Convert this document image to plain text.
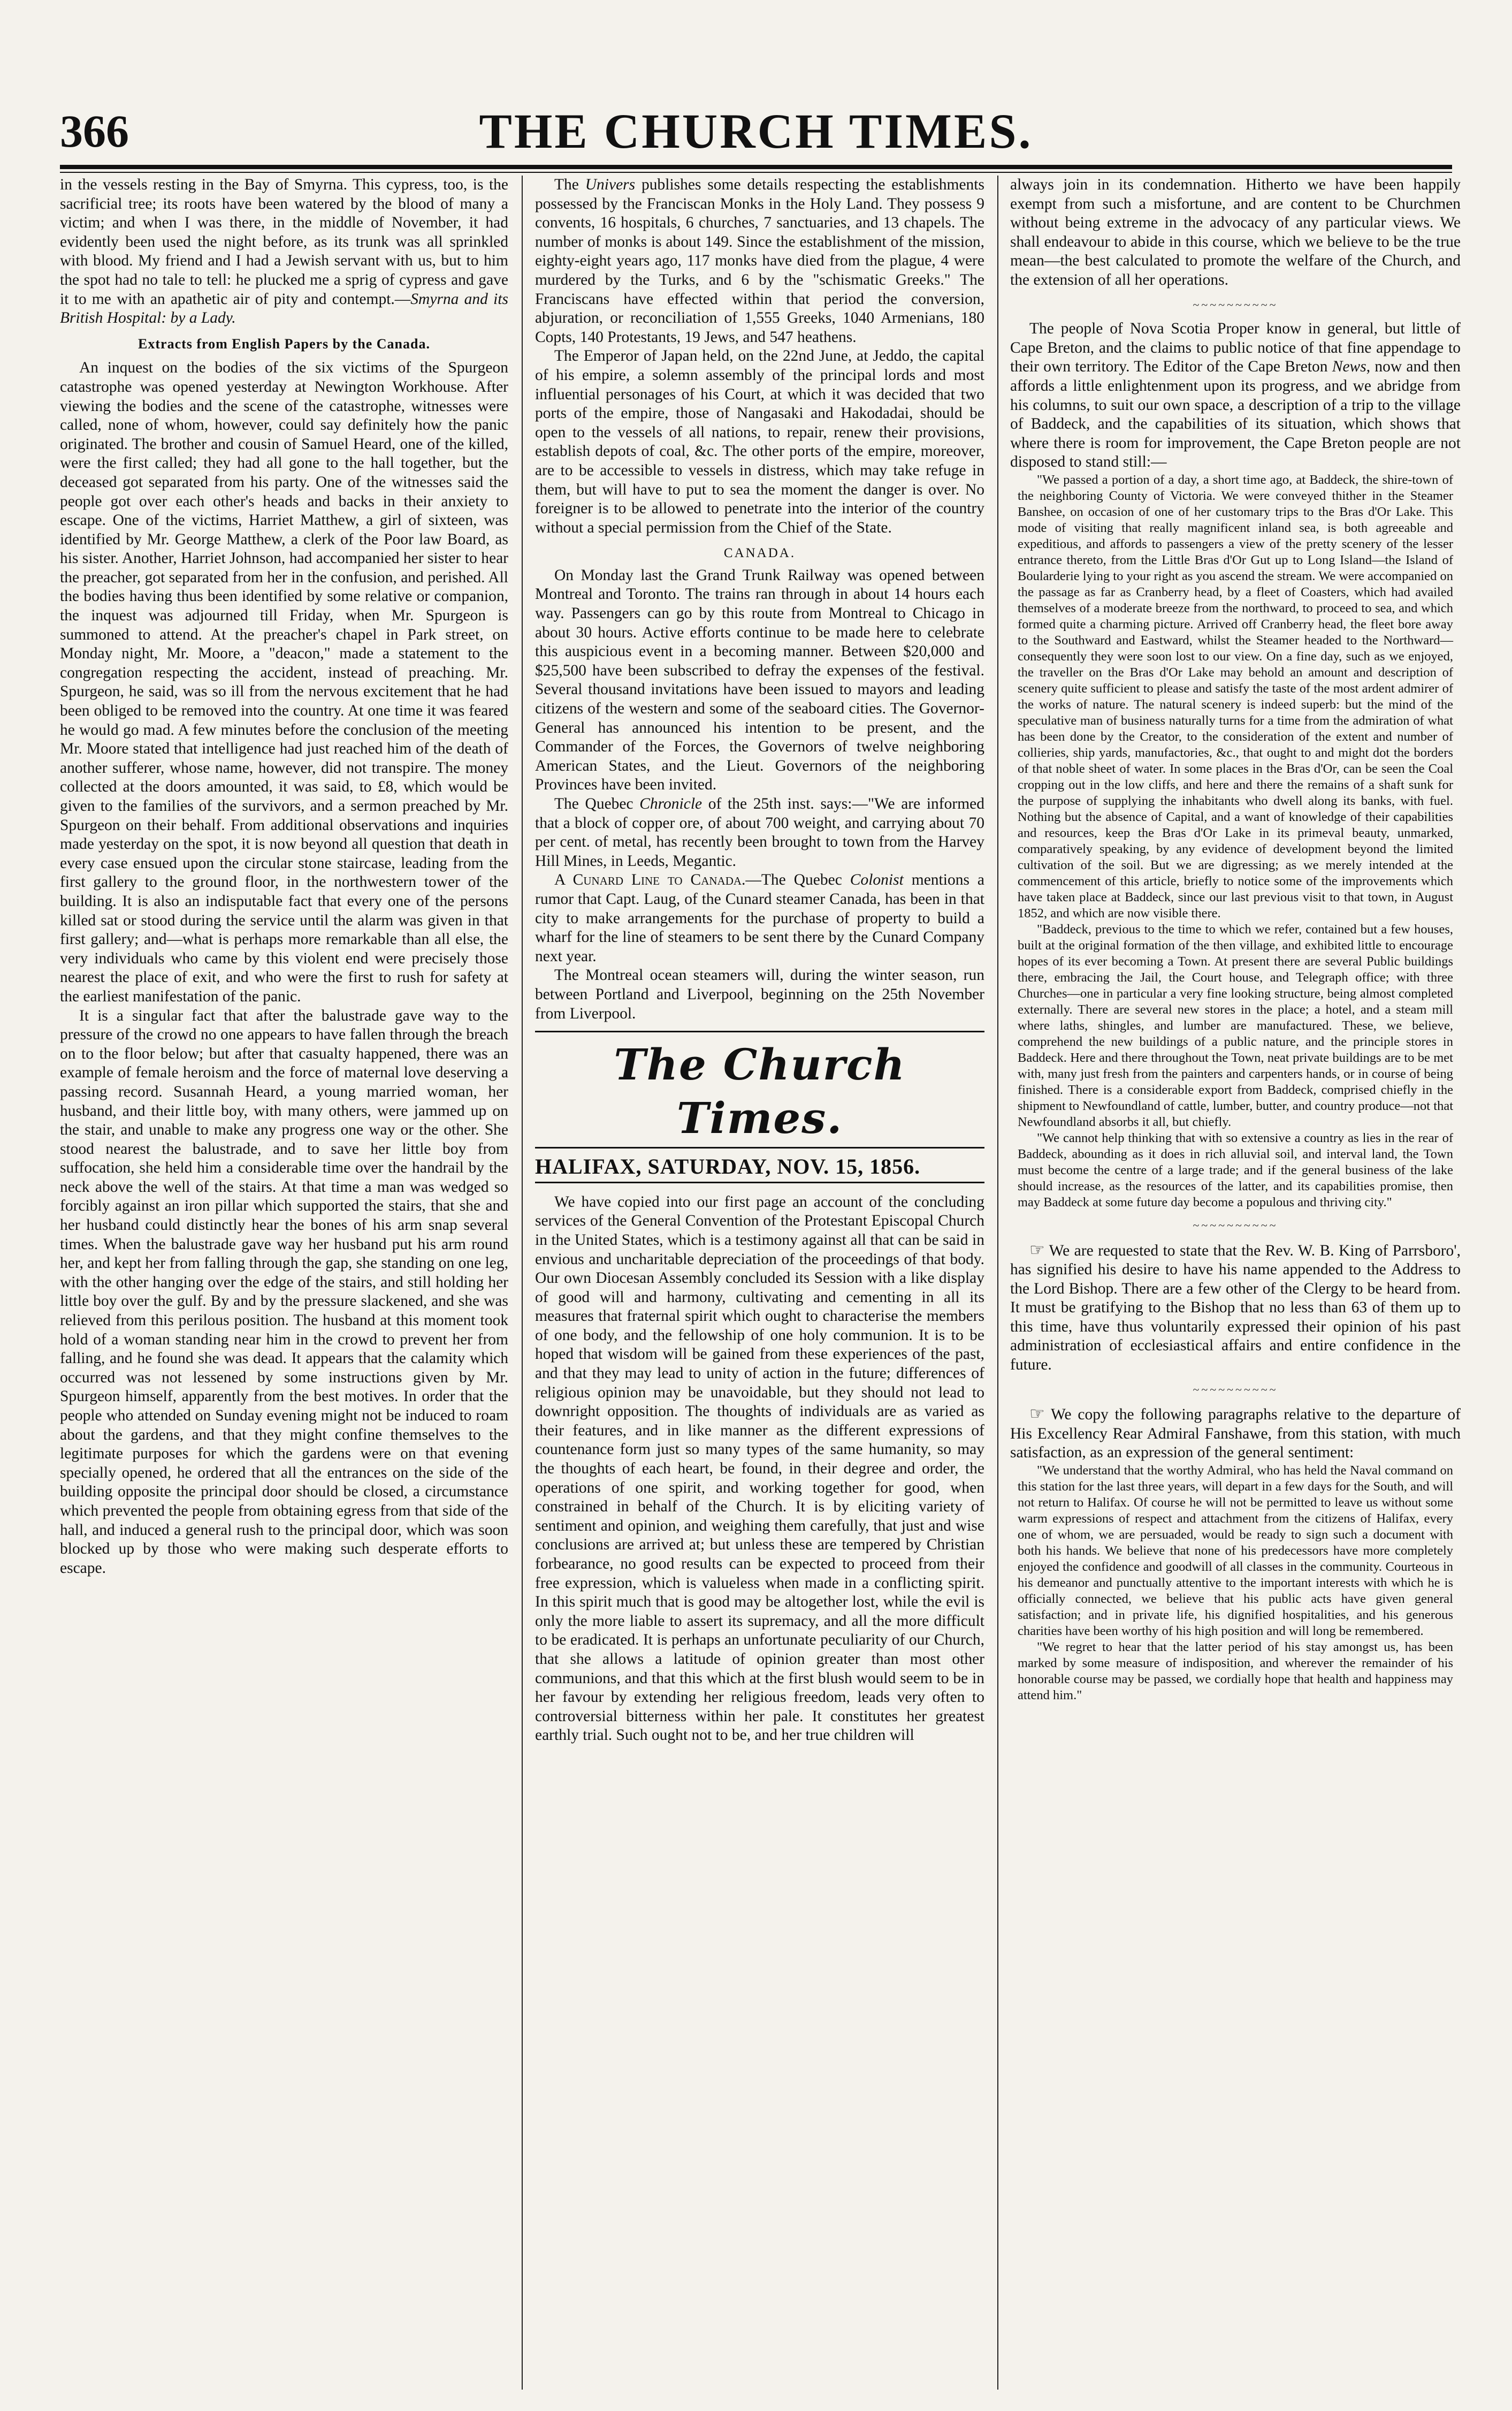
366	THE CHURCH TIMES.

in the vessels resting in the Bay of Smyrna. This cypress, too, is the sacrificial tree; its roots have been watered by the blood of many a victim; and when I was there, in the middle of November, it had evidently been used the night before, as its trunk was all sprinkled with blood. My friend and I had a Jewish servant with us, but to him the spot had no tale to tell: he plucked me a sprig of cypress and gave it to me with an apathetic air of pity and contempt.—Smyrna and its British Hospital: by a Lady.

Extracts from English Papers by the Canada.

An inquest on the bodies of the six victims of the Spurgeon catastrophe was opened yesterday at Newington Workhouse. After viewing the bodies and the scene of the catastrophe, witnesses were called, none of whom, however, could say definitely how the panic originated. The brother and cousin of Samuel Heard, one of the killed, were the first called; they had all gone to the hall together, but the deceased got separated from his party. One of the witnesses said the people got over each other's heads and backs in their anxiety to escape. One of the victims, Harriet Matthew, a girl of sixteen, was identified by Mr. George Matthew, a clerk of the Poor law Board, as his sister. Another, Harriet Johnson, had accompanied her sister to hear the preacher, got separated from her in the confusion, and perished. All the bodies having thus been identified by some relative or companion, the inquest was adjourned till Friday, when Mr. Spurgeon is summoned to attend. At the preacher's chapel in Park street, on Monday night, Mr. Moore, a "deacon," made a statement to the congregation respecting the accident, instead of preaching. Mr. Spurgeon, he said, was so ill from the nervous excitement that he had been obliged to be removed into the country. At one time it was feared he would go mad. A few minutes before the conclusion of the meeting Mr. Moore stated that intelligence had just reached him of the death of another sufferer, whose name, however, did not transpire. The money collected at the doors amounted, it was said, to £8, which would be given to the families of the survivors, and a sermon preached by Mr. Spurgeon on their behalf. From additional observations and inquiries made yesterday on the spot, it is now beyond all question that death in every case ensued upon the circular stone staircase, leading from the first gallery to the ground floor, in the northwestern tower of the building. It is also an indisputable fact that every one of the persons killed sat or stood during the service until the alarm was given in that first gallery; and—what is perhaps more remarkable than all else, the very individuals who came by this violent end were precisely those nearest the place of exit, and who were the first to rush for safety at the earliest manifestation of the panic.

It is a singular fact that after the balustrade gave way to the pressure of the crowd no one appears to have fallen through the breach on to the floor below; but after that casualty happened, there was an example of female heroism and the force of maternal love deserving a passing record. Susannah Heard, a young married woman, her husband, and their little boy, with many others, were jammed up on the stair, and unable to make any progress one way or the other. She stood nearest the balustrade, and to save her little boy from suffocation, she held him a considerable time over the handrail by the neck above the well of the stairs. At that time a man was wedged so forcibly against an iron pillar which supported the stairs, that she and her husband could distinctly hear the bones of his arm snap several times. When the balustrade gave way her husband put his arm round her, and kept her from falling through the gap, she standing on one leg, with the other hanging over the edge of the stairs, and still holding her little boy over the gulf. By and by the pressure slackened, and she was relieved from this perilous position. The husband at this moment took hold of a woman standing near him in the crowd to prevent her from falling, and he found she was dead. It appears that the calamity which occurred was not lessened by some instructions given by Mr. Spurgeon himself, apparently from the best motives. In order that the people who attended on Sunday evening might not be induced to roam about the gardens, and that they might confine themselves to the legitimate purposes for which the gardens were on that evening specially opened, he ordered that all the entrances on the side of the building opposite the principal door should be closed, a circumstance which prevented the people from obtaining egress from that side of the hall, and induced a general rush to the principal door, which was soon blocked up by those who were making such desperate efforts to escape.

The Univers publishes some details respecting the establishments possessed by the Franciscan Monks in the Holy Land. They possess 9 convents, 16 hospitals, 6 churches, 7 sanctuaries, and 13 chapels. The number of monks is about 149. Since the establishment of the mission, eighty-eight years ago, 117 monks have died from the plague, 4 were murdered by the Turks, and 6 by the "schismatic Greeks." The Franciscans have effected within that period the conversion, abjuration, or reconciliation of 1,555 Greeks, 1040 Armenians, 180 Copts, 140 Protestants, 19 Jews, and 547 heathens.

The Emperor of Japan held, on the 22nd June, at Jeddo, the capital of his empire, a solemn assembly of the principal lords and most influential personages of his Court, at which it was decided that two ports of the empire, those of Nangasaki and Hakodadai, should be open to the vessels of all nations, to repair, renew their provisions, establish depots of coal, &c. The other ports of the empire, moreover, are to be accessible to vessels in distress, which may take refuge in them, but will have to put to sea the moment the danger is over. No foreigner is to be allowed to penetrate into the interior of the country without a special permission from the Chief of the State.

CANADA.

On Monday last the Grand Trunk Railway was opened between Montreal and Toronto. The trains ran through in about 14 hours each way. Passengers can go by this route from Montreal to Chicago in about 30 hours. Active efforts continue to be made here to celebrate this auspicious event in a becoming manner. Between $20,000 and $25,500 have been subscribed to defray the expenses of the festival. Several thousand invitations have been issued to mayors and leading citizens of the western and some of the seaboard cities. The Governor-General has announced his intention to be present, and the Commander of the Forces, the Governors of twelve neighboring American States, and the Lieut. Governors of the neighboring Provinces have been invited.

The Quebec Chronicle of the 25th inst. says:—"We are informed that a block of copper ore, of about 700 weight, and carrying about 70 per cent. of metal, has recently been brought to town from the Harvey Hill Mines, in Leeds, Megantic.

A Cunard Line to Canada.—The Quebec Colonist mentions a rumor that Capt. Laug, of the Cunard steamer Canada, has been in that city to make arrangements for the purchase of property to build a wharf for the line of steamers to be sent there by the Cunard Company next year.

The Montreal ocean steamers will, during the winter season, run between Portland and Liverpool, beginning on the 25th November from Liverpool.

The Church Times.
HALIFAX, SATURDAY, NOV. 15, 1856.

We have copied into our first page an account of the concluding services of the General Convention of the Protestant Episcopal Church in the United States, which is a testimony against all that can be said in envious and uncharitable depreciation of the proceedings of that body. Our own Diocesan Assembly concluded its Session with a like display of good will and harmony, cultivating and cementing in all its measures that fraternal spirit which ought to characterise the members of one body, and the fellowship of one holy communion. It is to be hoped that wisdom will be gained from these experiences of the past, and that they may lead to unity of action in the future; differences of religious opinion may be unavoidable, but they should not lead to downright opposition. The thoughts of individuals are as varied as their features, and in like manner as the different expressions of countenance form just so many types of the same humanity, so may the thoughts of each heart, be found, in their degree and order, the operations of one spirit, and working together for good, when constrained in behalf of the Church. It is by eliciting variety of sentiment and opinion, and weighing them carefully, that just and wise conclusions are arrived at; but unless these are tempered by Christian forbearance, no good results can be expected to proceed from their free expression, which is valueless when made in a conflicting spirit. In this spirit much that is good may be altogether lost, while the evil is only the more liable to assert its supremacy, and all the more difficult to be eradicated. It is perhaps an unfortunate peculiarity of our Church, that she allows a latitude of opinion greater than most other communions, and that this which at the first blush would seem to be in her favour by extending her religious freedom, leads very often to controversial bitterness within her pale. It constitutes her greatest earthly trial. Such ought not to be, and her true children will

always join in its condemnation. Hitherto we have been happily exempt from such a misfortune, and are content to be Churchmen without being extreme in the advocacy of any particular views. We shall endeavour to abide in this course, which we believe to be the true mean—the best calculated to promote the welfare of the Church, and the extension of all her operations.

~~~~~~~~~~

The people of Nova Scotia Proper know in general, but little of Cape Breton, and the claims to public notice of that fine appendage to their own territory. The Editor of the Cape Breton News, now and then affords a little enlightenment upon its progress, and we abridge from his columns, to suit our own space, a description of a trip to the village of Baddeck, and the capabilities of its situation, which shows that where there is room for improvement, the Cape Breton people are not disposed to stand still:—

"We passed a portion of a day, a short time ago, at Baddeck, the shire-town of the neighboring County of Victoria. We were conveyed thither in the Steamer Banshee, on occasion of one of her customary trips to the Bras d'Or Lake. This mode of visiting that really magnificent inland sea, is both agreeable and expeditious, and affords to passengers a view of the pretty scenery of the lesser entrance thereto, from the Little Bras d'Or Gut up to Long Island—the Island of Boularderie lying to your right as you ascend the stream. We were accompanied on the passage as far as Cranberry head, by a fleet of Coasters, which had availed themselves of a moderate breeze from the northward, to proceed to sea, and which formed quite a charming picture. Arrived off Cranberry head, the fleet bore away to the Southward and Eastward, whilst the Steamer headed to the Northward—consequently they were soon lost to our view. On a fine day, such as we enjoyed, the traveller on the Bras d'Or Lake may behold an amount and description of scenery quite sufficient to please and satisfy the taste of the most ardent admirer of the works of nature. The natural scenery is indeed superb: but the mind of the speculative man of business naturally turns for a time from the admiration of what has been done by the Creator, to the consideration of the extent and number of collieries, ship yards, manufactories, &c., that ought to and might dot the borders of that noble sheet of water. In some places in the Bras d'Or, can be seen the Coal cropping out in the low cliffs, and here and there the remains of a shaft sunk for the purpose of supplying the inhabitants who dwell along its banks, with fuel. Nothing but the absence of Capital, and a want of knowledge of their capabilities and resources, keep the Bras d'Or Lake in its primeval beauty, unmarked, comparatively speaking, by any evidence of development beyond the limited cultivation of the soil. But we are digressing; as we merely intended at the commencement of this article, briefly to notice some of the improvements which have taken place at Baddeck, since our last previous visit to that town, in August 1852, and which are now visible there.

"Baddeck, previous to the time to which we refer, contained but a few houses, built at the original formation of the then village, and exhibited little to encourage hopes of its ever becoming a Town. At present there are several Public buildings there, embracing the Jail, the Court house, and Telegraph office; with three Churches—one in particular a very fine looking structure, being almost completed externally. There are several new stores in the place; a hotel, and a steam mill where laths, shingles, and lumber are manufactured. These, we believe, comprehend the new buildings of a public nature, and the principle stores in Baddeck. Here and there throughout the Town, neat private buildings are to be met with, many just fresh from the painters and carpenters hands, or in course of being finished. There is a considerable export from Baddeck, comprised chiefly in the shipment to Newfoundland of cattle, lumber, butter, and country produce—not that Newfoundland absorbs it all, but chiefly.

"We cannot help thinking that with so extensive a country as lies in the rear of Baddeck, abounding as it does in rich alluvial soil, and interval land, the Town must become the centre of a large trade; and if the general business of the lake should increase, as the resources of the latter, and its capabilities promise, then may Baddeck at some future day become a populous and thriving city."

~~~~~~~~~~

☞ We are requested to state that the Rev. W. B. King of Parrsboro', has signified his desire to have his name appended to the Address to the Lord Bishop. There are a few other of the Clergy to be heard from. It must be gratifying to the Bishop that no less than 63 of them up to this time, have thus voluntarily expressed their opinion of his past administration of ecclesiastical affairs and entire confidence in the future.

~~~~~~~~~~

☞ We copy the following paragraphs relative to the departure of His Excellency Rear Admiral Fanshawe, from this station, with much satisfaction, as an expression of the general sentiment:

"We understand that the worthy Admiral, who has held the Naval command on this station for the last three years, will depart in a few days for the South, and will not return to Halifax. Of course he will not be permitted to leave us without some warm expressions of respect and attachment from the citizens of Halifax, every one of whom, we are persuaded, would be ready to sign such a document with both his hands. We believe that none of his predecessors have more completely enjoyed the confidence and goodwill of all classes in the community. Courteous in his demeanor and punctually attentive to the important interests with which he is officially connected, we believe that his public acts have given general satisfaction; and in private life, his dignified hospitalities, and his generous charities have been worthy of his high position and will long be remembered.

"We regret to hear that the latter period of his stay amongst us, has been marked by some measure of indisposition, and wherever the remainder of his honorable course may be passed, we cordially hope that health and happiness may attend him."
